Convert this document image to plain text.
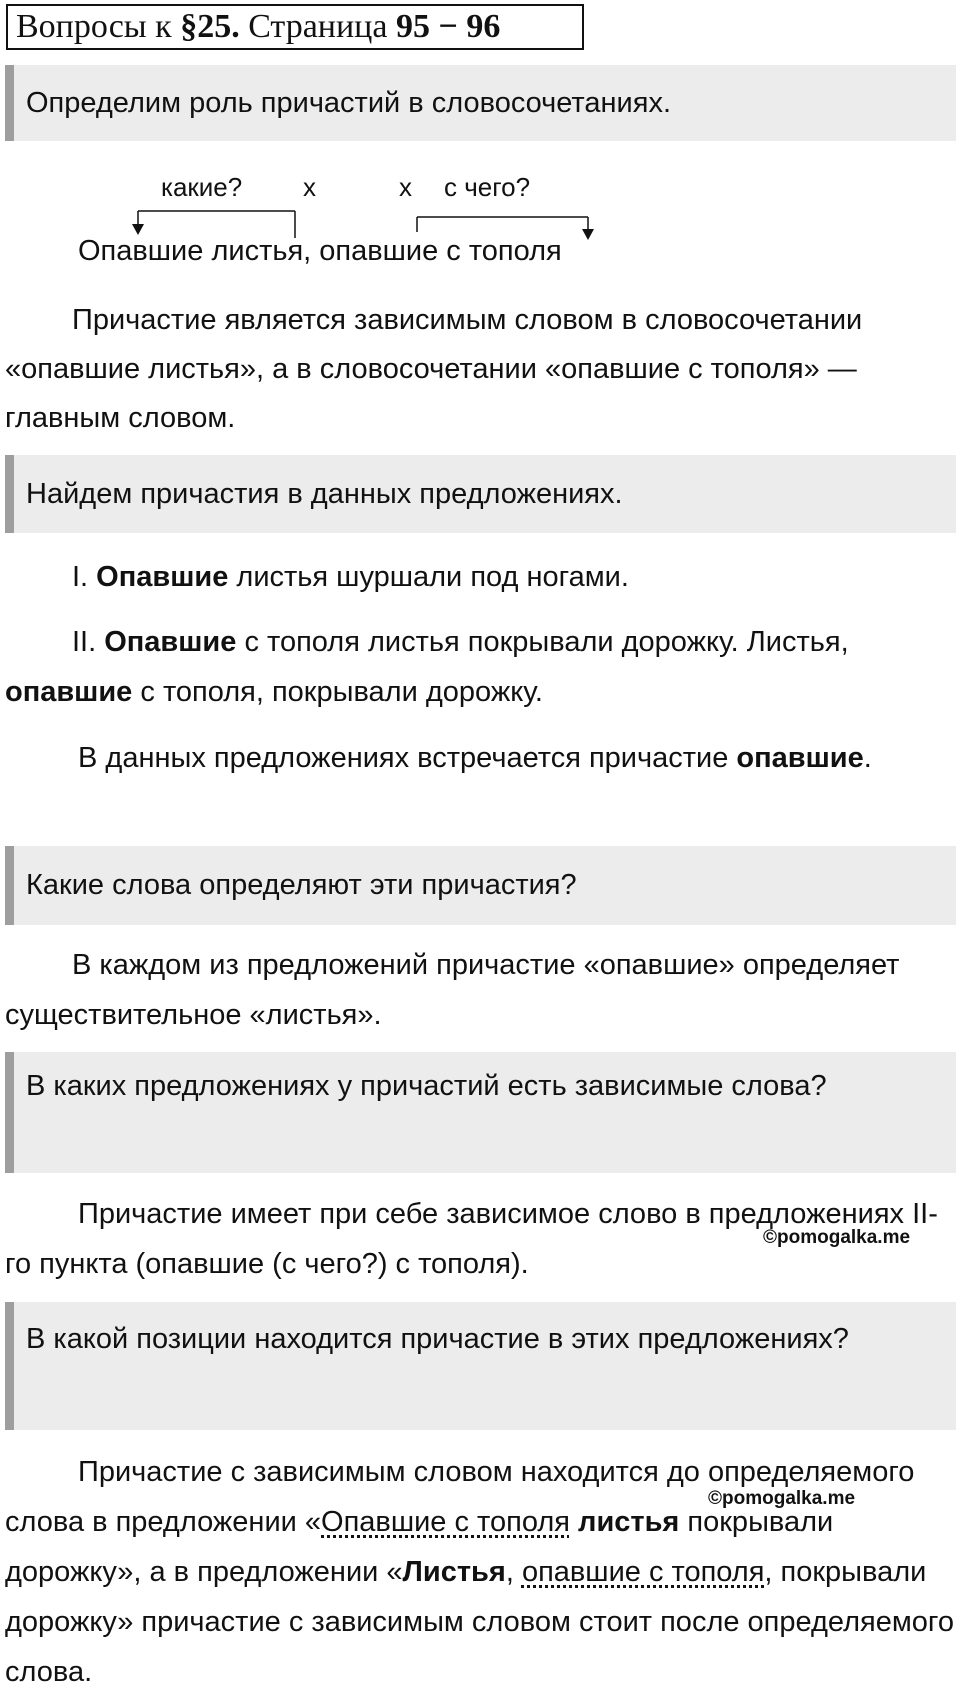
Вопросы к §25. Страница 95 − 96
Определим роль причастий в словосочетаниях.
какие? х	х с чего?
Опавшие листья, опавшие с тополя
Причастие является зависимым словом в словосочетании «опавшие листья», а в словосочетании «опавшие с тополя» — главным словом.
Найдем причастия в данных предложениях.
I. Опавшие листья шуршали под ногами.
II. Опавшие с тополя листья покрывали дорожку. Листья, опавшие с тополя, покрывали дорожку.
В данных предложениях встречается причастие опавшие.
Какие слова определяют эти причастия?
В каждом из предложений причастие «опавшие» определяет существительное «листья».
В каких предложениях у причастий есть зависимые слова?
Причастие имеет при себе зависимое слово в предложениях II-го пункта (опавшие (с чего?) с тополя).
©pomogalka.me
В какой позиции находится причастие в этих предложениях?
Причастие с зависимым словом находится до определяемого слова в предложении «Опавшие с тополя листья покрывали дорожку», а в предложении «Листья, опавшие с тополя, покрывали дорожку» причастие с зависимым словом стоит после определяемого слова.
©pomogalka.me
